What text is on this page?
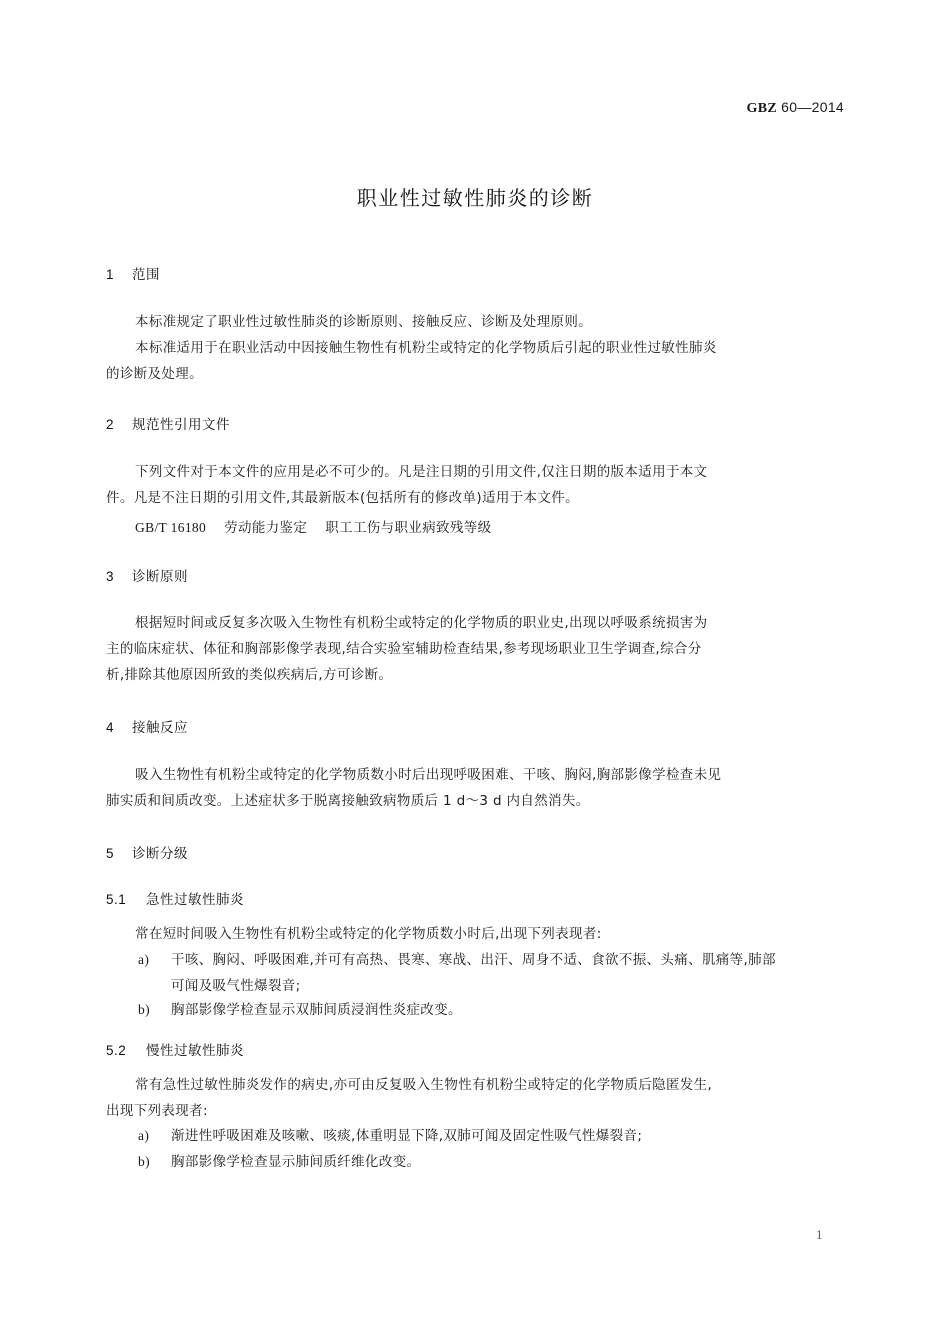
GBZ 60—2014
职业性过敏性肺炎的诊断
1 范围
本标准规定了职业性过敏性肺炎的诊断原则、接触反应、诊断及处理原则。
本标准适用于在职业活动中因接触生物性有机粉尘或特定的化学物质后引起的职业性过敏性肺炎
的诊断及处理。
2 规范性引用文件
下列文件对于本文件的应用是必不可少的。凡是注日期的引用文件,仅注日期的版本适用于本文
件。凡是不注日期的引用文件,其最新版本(包括所有的修改单)适用于本文件。
GB/T 16180 劳动能力鉴定 职工工伤与职业病致残等级
3 诊断原则
根据短时间或反复多次吸入生物性有机粉尘或特定的化学物质的职业史,出现以呼吸系统损害为
主的临床症状、体征和胸部影像学表现,结合实验室辅助检查结果,参考现场职业卫生学调查,综合分
析,排除其他原因所致的类似疾病后,方可诊断。
4 接触反应
吸入生物性有机粉尘或特定的化学物质数小时后出现呼吸困难、干咳、胸闷,胸部影像学检查未见
肺实质和间质改变。上述症状多于脱离接触致病物质后 1 d～3 d 内自然消失。
5 诊断分级
5.1 急性过敏性肺炎
常在短时间吸入生物性有机粉尘或特定的化学物质数小时后,出现下列表现者:
a)	干咳、胸闷、呼吸困难,并可有高热、畏寒、寒战、出汗、周身不适、食欲不振、头痛、肌痛等,肺部
可闻及吸气性爆裂音;
b)	胸部影像学检查显示双肺间质浸润性炎症改变。
5.2 慢性过敏性肺炎
常有急性过敏性肺炎发作的病史,亦可由反复吸入生物性有机粉尘或特定的化学物质后隐匿发生,
出现下列表现者:
a)	渐进性呼吸困难及咳嗽、咳痰,体重明显下降,双肺可闻及固定性吸气性爆裂音;
b)	胸部影像学检查显示肺间质纤维化改变。
1
